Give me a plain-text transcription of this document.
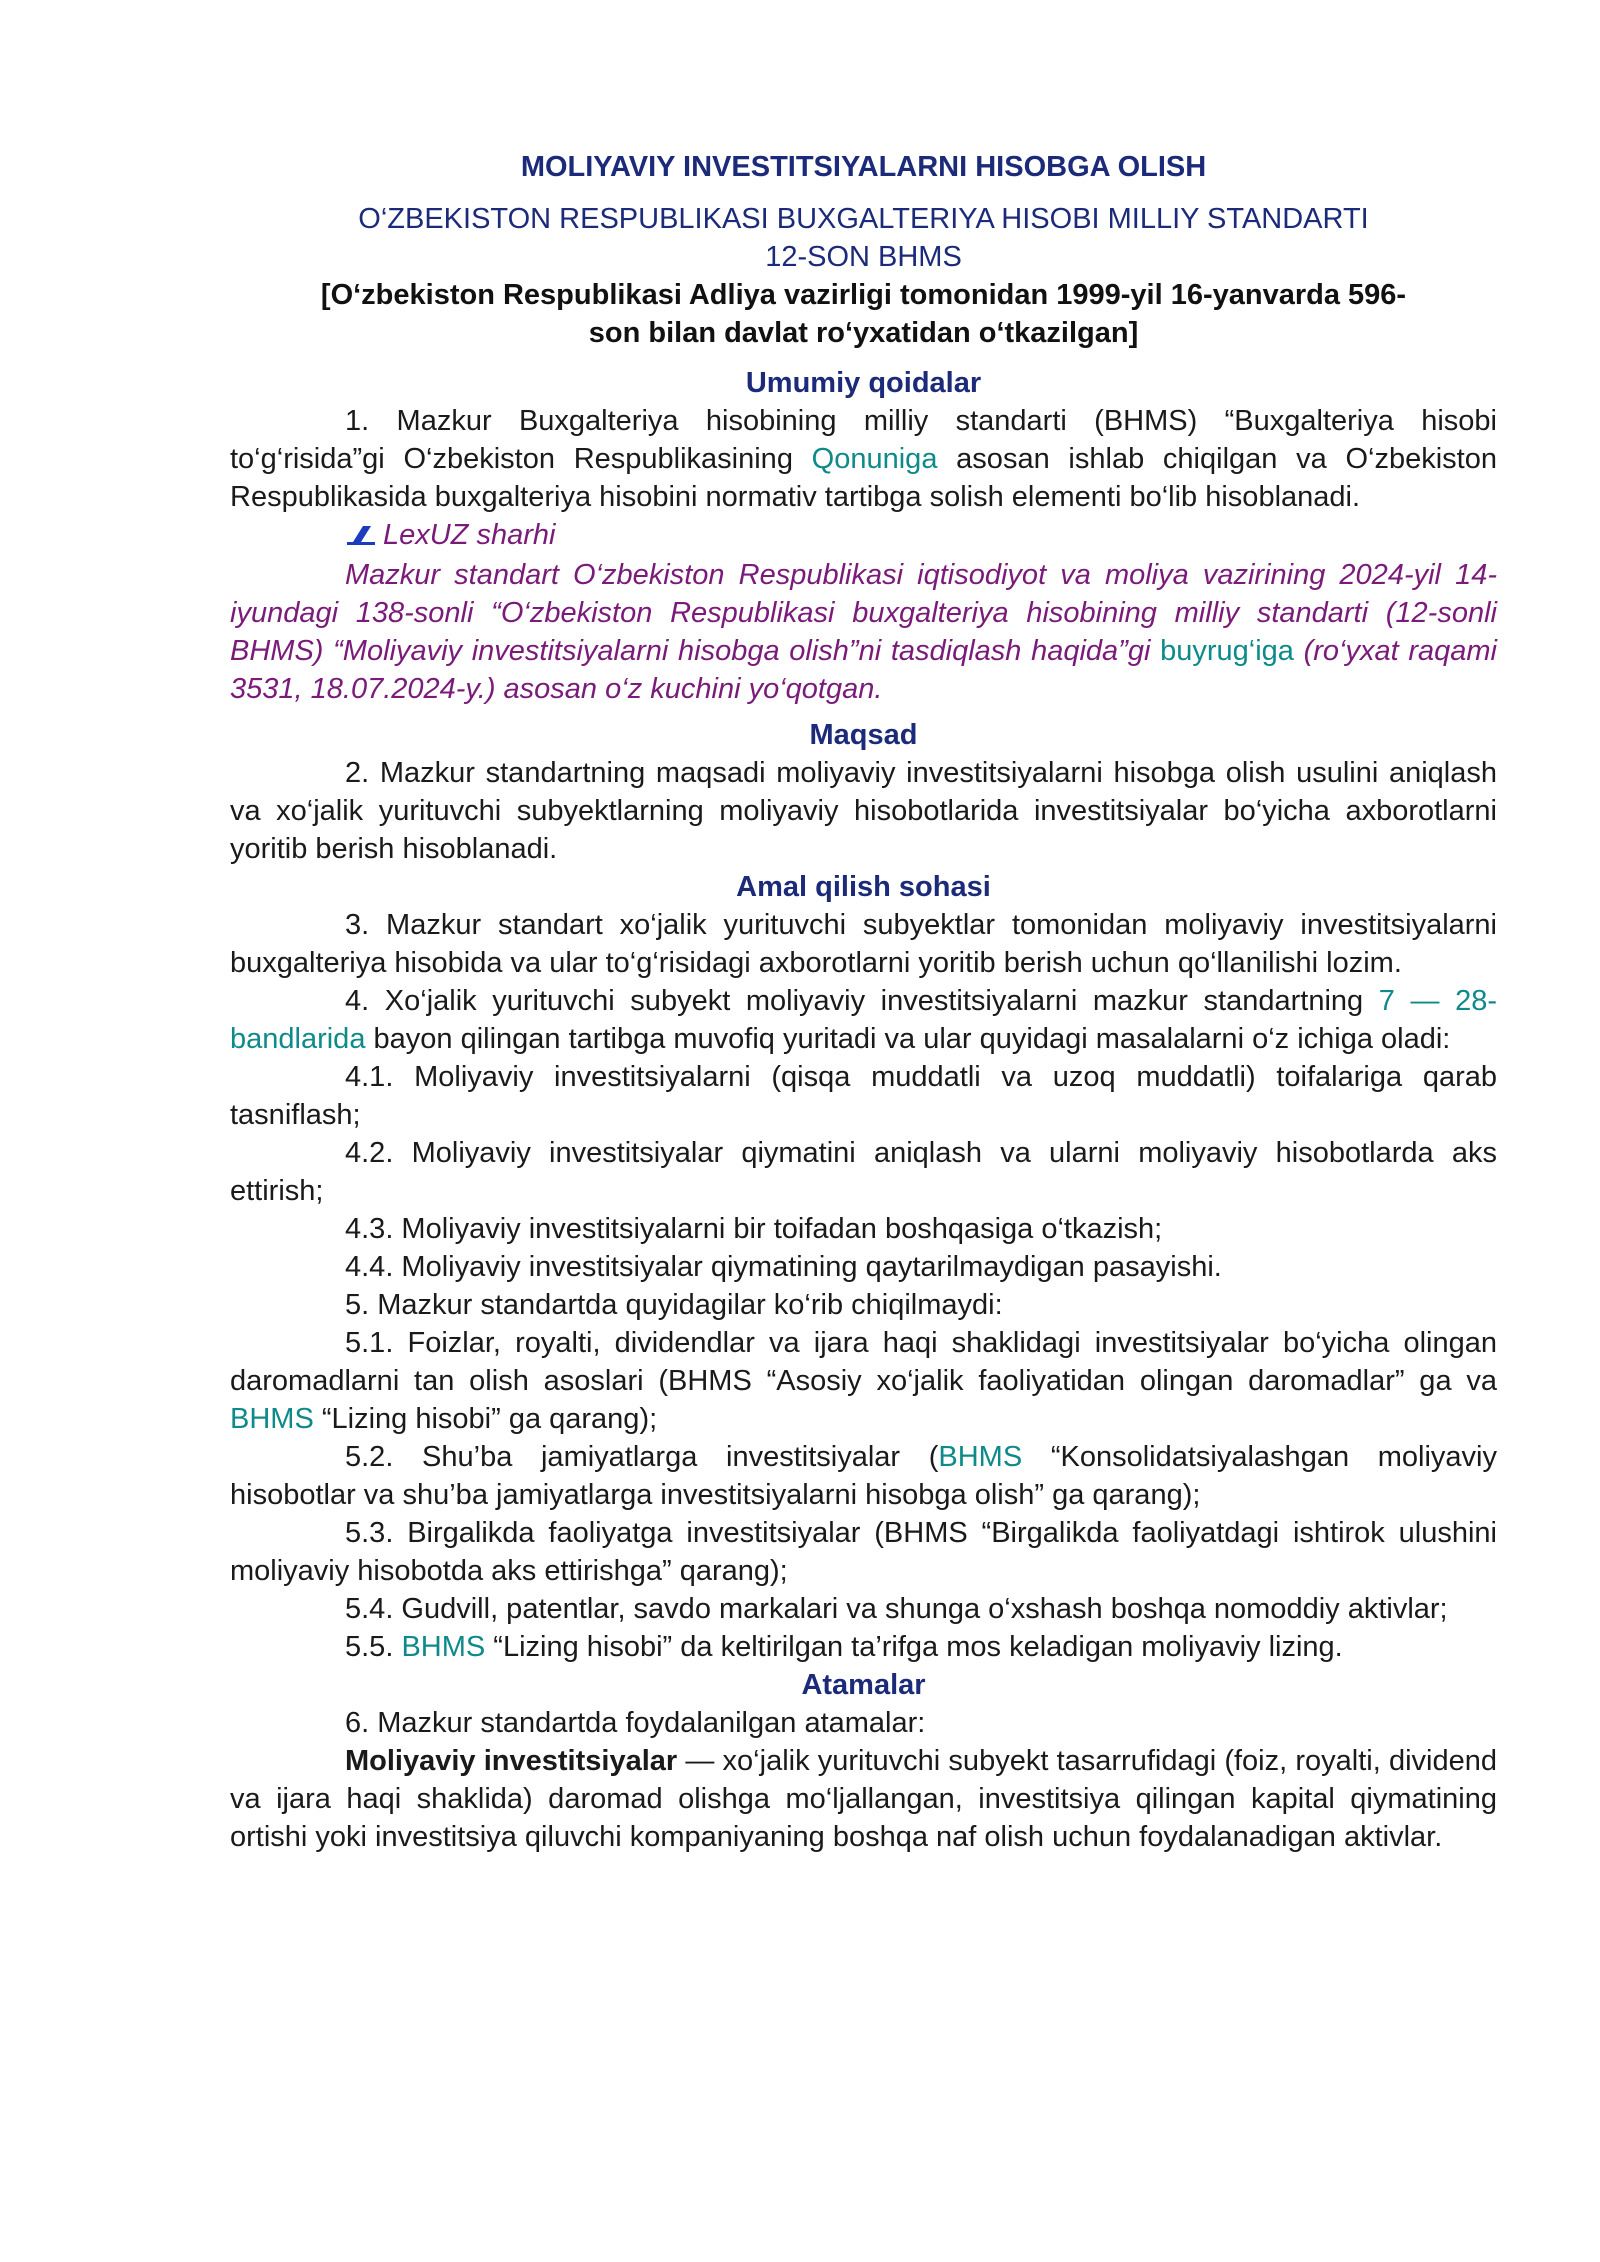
MOLIYAVIY INVESTITSIYALARNI HISOBGA OLISH
O‘ZBEKISTON RESPUBLIKASI BUXGALTERIYA HISOBI MILLIY STANDARTI
12-SON BHMS
[O‘zbekiston Respublikasi Adliya vazirligi tomonidan 1999-yil 16-yanvarda 596-
son bilan davlat ro‘yxatidan o‘tkazilgan]
Umumiy qoidalar

1. Mazkur Buxgalteriya hisobining milliy standarti (BHMS) “Buxgalteriya hisobi to‘g‘risida”gi O‘zbekiston Respublikasining Qonuniga asosan ishlab chiqilgan va O‘zbekiston Respublikasida buxgalteriya hisobini normativ tartibga solish elementi bo‘lib hisoblanadi.

LexUZ sharhi

Mazkur standart O‘zbekiston Respublikasi iqtisodiyot va moliya vazirining 2024-yil 14-iyundagi 138-sonli “O‘zbekiston Respublikasi buxgalteriya hisobining milliy standarti (12-sonli BHMS) “Moliyaviy investitsiyalarni hisobga olish”ni tasdiqlash haqida”gi buyrug‘iga (ro‘yxat raqami 3531, 18.07.2024-y.) asosan o‘z kuchini yo‘qotgan.

Maqsad

2. Mazkur standartning maqsadi moliyaviy investitsiyalarni hisobga olish usulini aniqlash va xo‘jalik yurituvchi subyektlarning moliyaviy hisobotlarida investitsiyalar bo‘yicha axborotlarni yoritib berish hisoblanadi.

Amal qilish sohasi

3. Mazkur standart xo‘jalik yurituvchi subyektlar tomonidan moliyaviy investitsiyalarni buxgalteriya hisobida va ular to‘g‘risidagi axborotlarni yoritib berish uchun qo‘llanilishi lozim.

4. Xo‘jalik yurituvchi subyekt moliyaviy investitsiyalarni mazkur standartning 7 — 28-bandlarida bayon qilingan tartibga muvofiq yuritadi va ular quyidagi masalalarni o‘z ichiga oladi:

4.1. Moliyaviy investitsiyalarni (qisqa muddatli va uzoq muddatli) toifalariga qarab tasniflash;

4.2. Moliyaviy investitsiyalar qiymatini aniqlash va ularni moliyaviy hisobotlarda aks ettirish;

4.3. Moliyaviy investitsiyalarni bir toifadan boshqasiga o‘tkazish;

4.4. Moliyaviy investitsiyalar qiymatining qaytarilmaydigan pasayishi.

5. Mazkur standartda quyidagilar ko‘rib chiqilmaydi:

5.1. Foizlar, royalti, dividendlar va ijara haqi shaklidagi investitsiyalar bo‘yicha olingan daromadlarni tan olish asoslari (BHMS “Asosiy xo‘jalik faoliyatidan olingan daromadlar” ga va BHMS “Lizing hisobi” ga qarang);

5.2. Shu’ba jamiyatlarga investitsiyalar (BHMS “Konsolidatsiyalashgan moliyaviy hisobotlar va shu’ba jamiyatlarga investitsiyalarni hisobga olish” ga qarang);

5.3. Birgalikda faoliyatga investitsiyalar (BHMS “Birgalikda faoliyatdagi ishtirok ulushini moliyaviy hisobotda aks ettirishga” qarang);

5.4. Gudvill, patentlar, savdo markalari va shunga o‘xshash boshqa nomoddiy aktivlar;

5.5. BHMS “Lizing hisobi” da keltirilgan ta’rifga mos keladigan moliyaviy lizing.

Atamalar

6. Mazkur standartda foydalanilgan atamalar:

Moliyaviy investitsiyalar — xo‘jalik yurituvchi subyekt tasarrufidagi (foiz, royalti, dividend va ijara haqi shaklida) daromad olishga mo‘ljallangan, investitsiya qilingan kapital qiymatining ortishi yoki investitsiya qiluvchi kompaniyaning boshqa naf olish uchun foydalanadigan aktivlar.
